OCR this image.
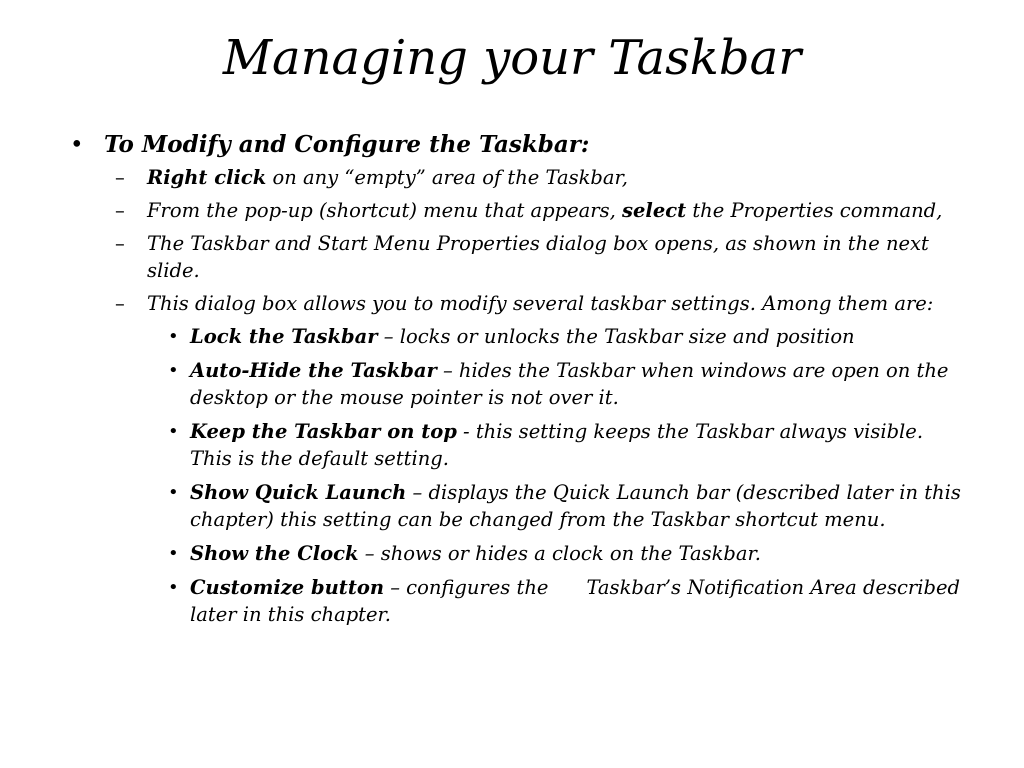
Managing your Taskbar
• To Modify and Configure the Taskbar:
– Right click on any “empty” area of the Taskbar,
– From the pop-up (shortcut) menu that appears, select the Properties command,
– The Taskbar and Start Menu Properties dialog box opens, as shown in the next slide.
– This dialog box allows you to modify several taskbar settings. Among them are:
• Lock the Taskbar – locks or unlocks the Taskbar size and position
• Auto-Hide the Taskbar – hides the Taskbar when windows are open on the desktop or the mouse pointer is not over it.
• Keep the Taskbar on top - this setting keeps the Taskbar always visible. This is the default setting.
• Show Quick Launch – displays the Quick Launch bar (described later in this chapter) this setting can be changed from the Taskbar shortcut menu.
• Show the Clock – shows or hides a clock on the Taskbar.
• Customize button – configures the Taskbar’s Notification Area described later in this chapter.
